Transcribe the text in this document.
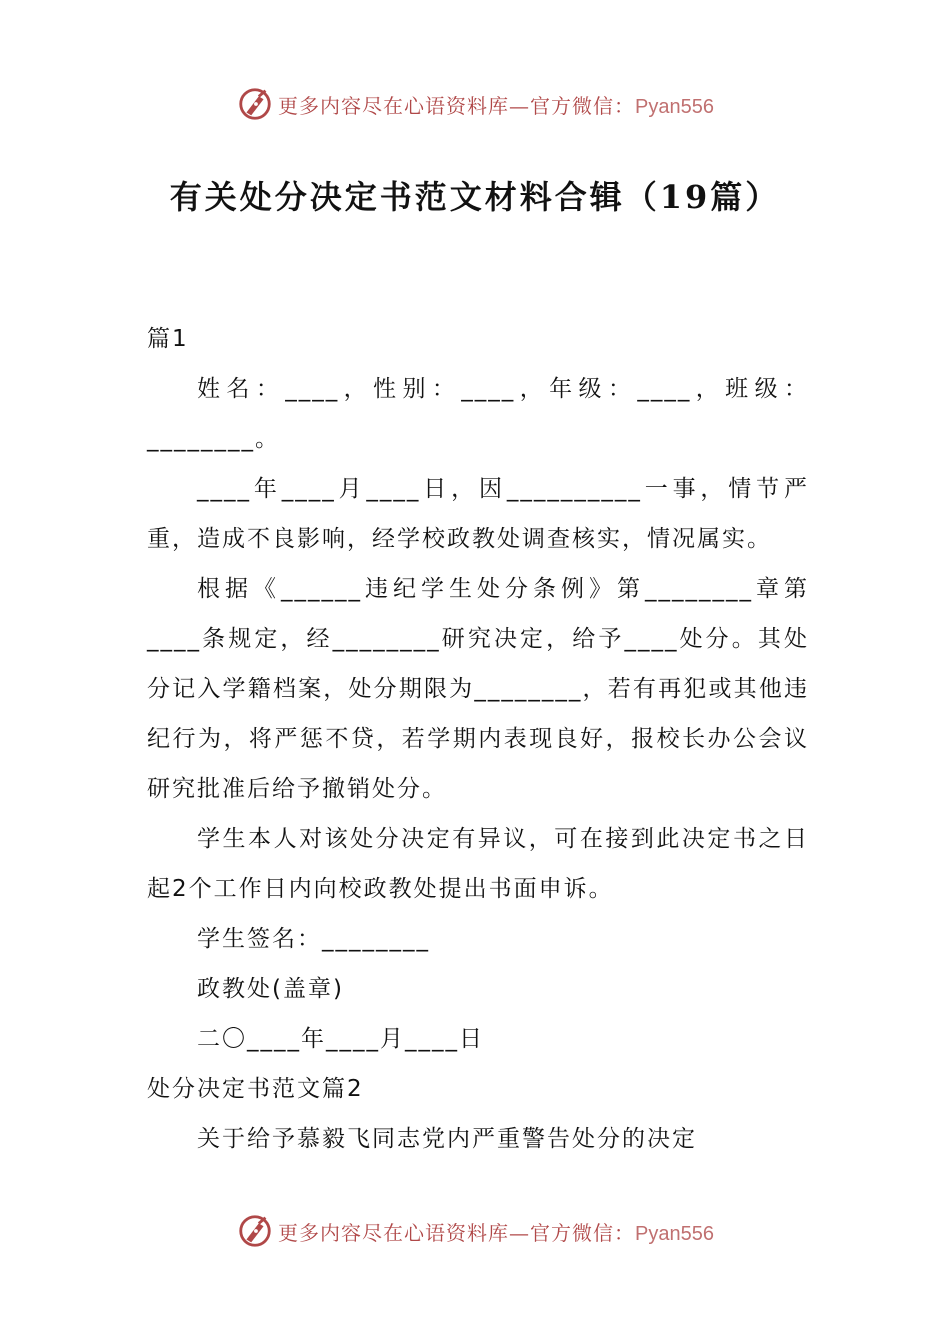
更多内容尽在心语资料库—官方微信：Pyan556
有关处分决定书范文材料合辑（19篇）

篇1

姓名：____，性别：____，年级：____，班级：________。

____年____月____日，因__________一事，情节严重，造成不良影响，经学校政教处调查核实，情况属实。

根据《______违纪学生处分条例》第________章第____条规定，经________研究决定，给予____处分。其处分记入学籍档案，处分期限为________，若有再犯或其他违纪行为，将严惩不贷，若学期内表现良好，报校长办公会议研究批准后给予撤销处分。

学生本人对该处分决定有异议，可在接到此决定书之日起2个工作日内向校政教处提出书面申诉。

学生签名：________

政教处(盖章)

二〇____年____月____日

处分决定书范文篇2

关于给予慕毅飞同志党内严重警告处分的决定

更多内容尽在心语资料库—官方微信：Pyan556
